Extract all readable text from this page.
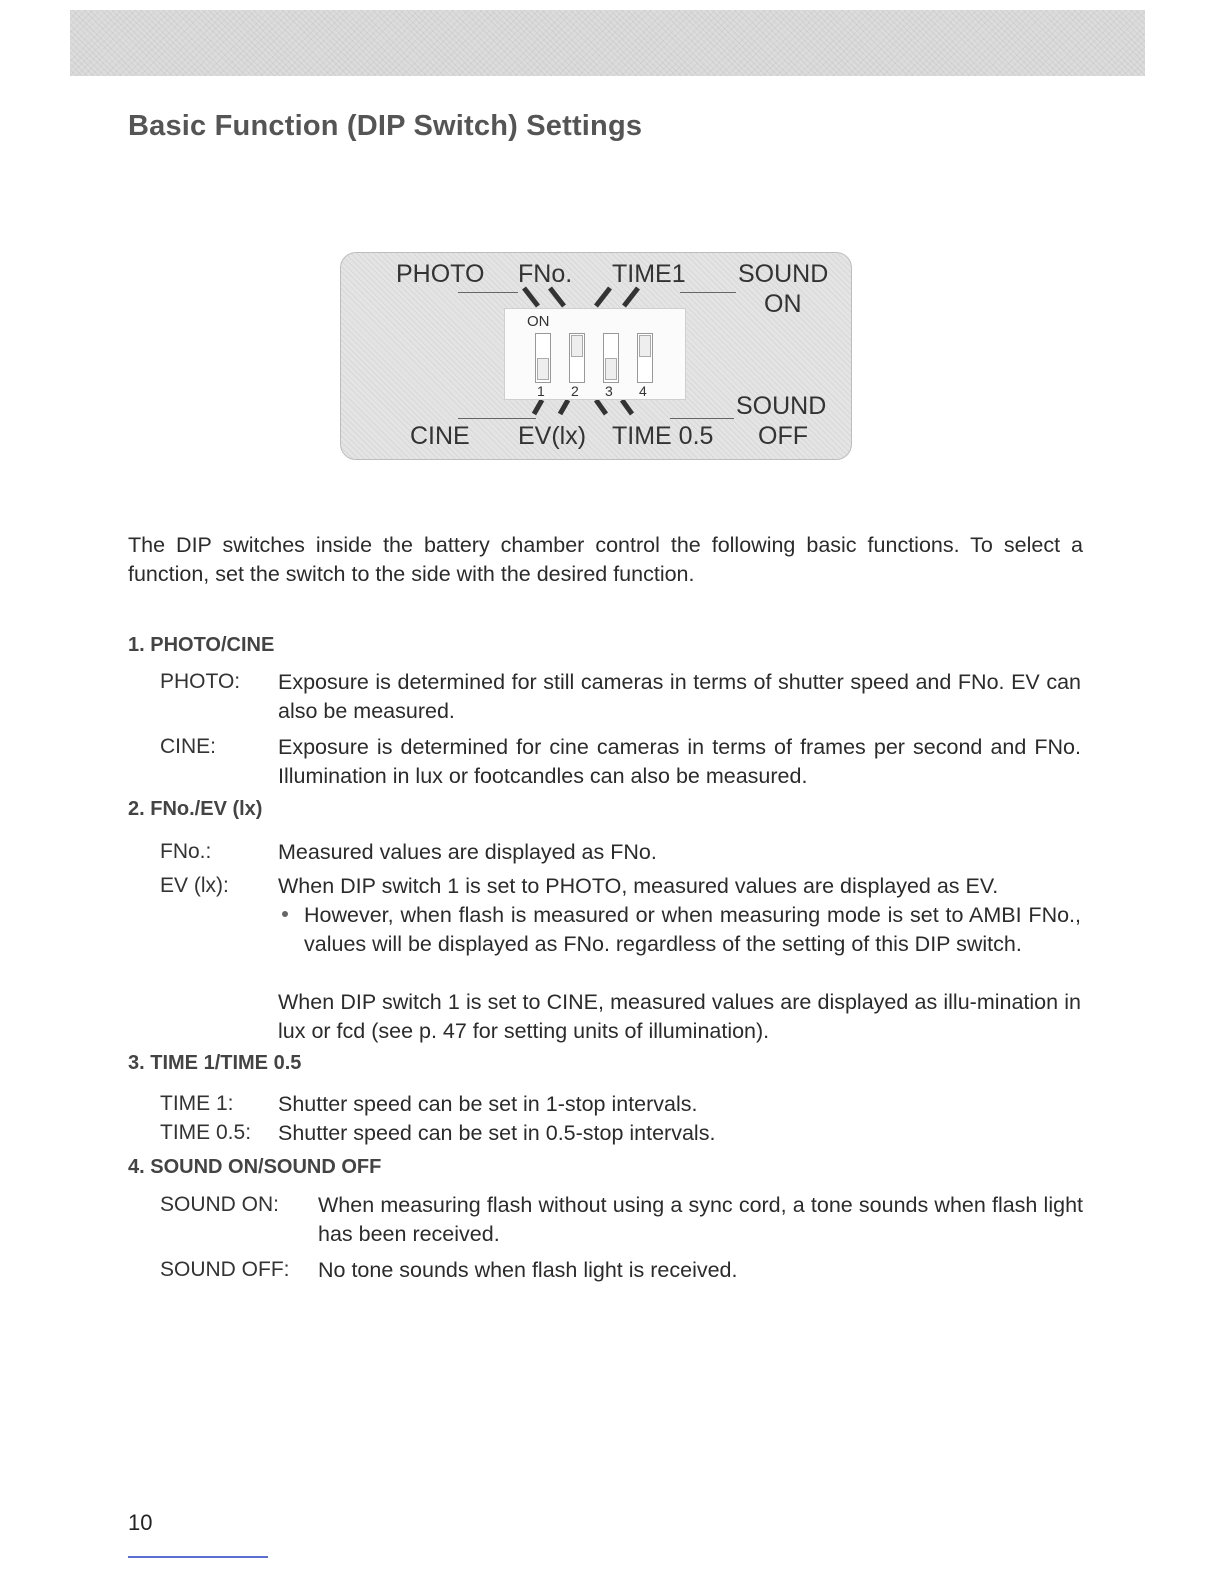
Basic Function (DIP Switch) Settings
PHOTO FNo. TIME1 SOUND
ON
SOUND
CINE EV(lx) TIME 0.5 OFF
ON
1 2 3 4
The DIP switches inside the battery chamber control the following basic functions. To select a function, set the switch to the side with the desired function.
1. PHOTO/CINE
PHOTO: Exposure is determined for still cameras in terms of shutter speed and FNo. EV can also be measured.
CINE:	Exposure is determined for cine cameras in terms of frames per second and FNo. Illumination in lux or footcandles can also be measured.
2. FNo./EV (lx)
FNo.:	Measured values are displayed as FNo.
EV (lx): When DIP switch 1 is set to PHOTO, measured values are displayed as EV.
However, when flash is measured or when measuring mode is set to AMBI FNo., values will be displayed as FNo. regardless of the setting of this DIP switch.
When DIP switch 1 is set to CINE, measured values are displayed as illu-mination in lux or fcd (see p. 47 for setting units of illumination).
3. TIME 1/TIME 0.5
TIME 1: Shutter speed can be set in 1-stop intervals.
TIME 0.5: Shutter speed can be set in 0.5-stop intervals.
4. SOUND ON/SOUND OFF
SOUND ON: When measuring flash without using a sync cord, a tone sounds when flash light has been received.
SOUND OFF: No tone sounds when flash light is received.
10
